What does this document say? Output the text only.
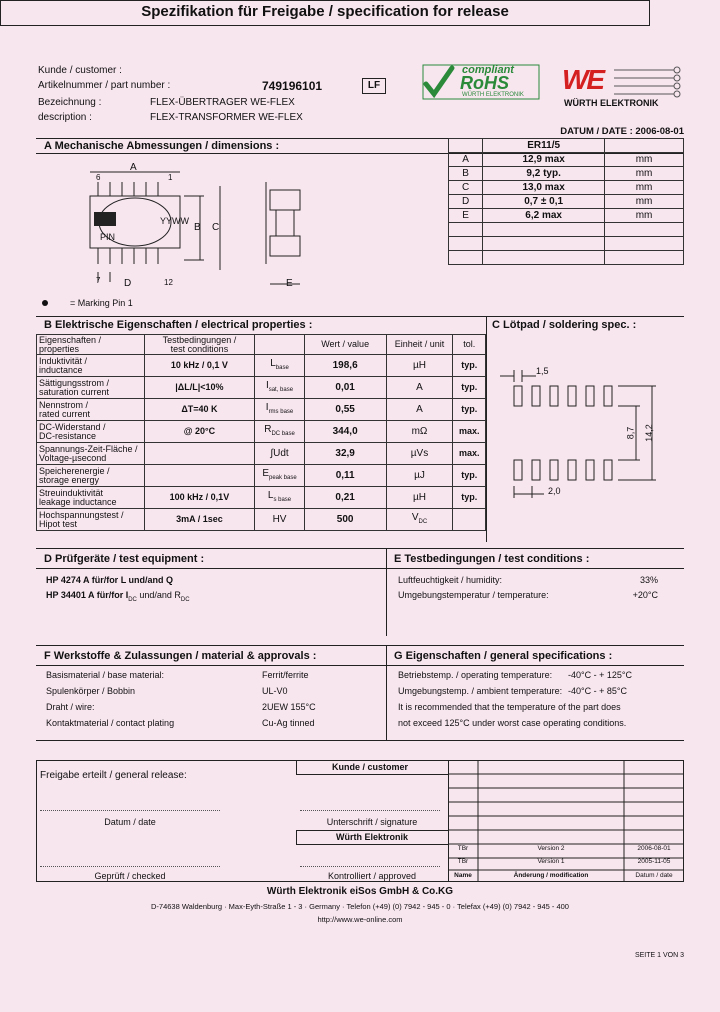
Spezifikation für Freigabe / specification for release
Kunde / customer :
Artikelnummer / part number :	749196101	LF
Bezeichnung :	FLEX-ÜBERTRAGER WE-FLEX
description :	FLEX-TRANSFORMER WE-FLEX
compliant
RoHS
WÜRTH ELEKTRONIK WE
WÜRTH ELEKTRONIK
DATUM / DATE : 2006-08-01
A Mechanische Abmessungen / dimensions :
A
6	1
YYWW
PIN
B C
7 D	12	E
= Marking Pin 1
	ER11/5	
A	12,9 max	mm
B	9,2 typ.	mm
C	13,0 max	mm
D	0,7 ± 0,1	mm
E	6,2 max	mm

B Elektrische Eigenschaften / electrical properties :	C Lötpad / soldering spec. :
Eigenschaften / properties	Testbedingungen /
test conditions		Wert / value	Einheit / unit	tol.

Induktivität /
inductance	10 kHz / 0,1 V	$L_{base}$	198,6	µH	typ.

Sättigungsstrom /
saturation current	|ΔL/L|<10%	$I_{sat, base}$	0,01	A	typ.

Nennstrom /
rated current	ΔT=40 K	$I_{rms base}$	0,55	A	typ.

DC-Widerstand /
DC-resistance	@ 20°C	$R_{DC base}$	344,0	mΩ	max.

Spannungs-Zeit-Fläche /
Voltage-µsecond		∫Udt	32,9	µVs	max.

Speicherenergie /
storage energy		$E_{peak base}$	0,11	µJ	typ.

Streuinduktivität
leakage inductance	100 kHz / 0,1V	$L_{s base}$	0,21	µH	typ.

Hochspannungstest /
Hipot test	3mA / 1sec	HV	500	$V_{DC}$	
1,5
8,7 14,2
2,0
D Prüfgeräte / test equipment :	E Testbedingungen / test conditions :
HP 4274 A für/for L und/and Q
HP 34401 A für/for $I_{DC}$ und/and $R_{DC}$
Luftfeuchtigkeit / humidity:	33%
Umgebungstemperatur / temperature:	+20°C
F Werkstoffe & Zulassungen / material & approvals :	G Eigenschaften / general specifications :
Basismaterial / base material:	Ferrit/ferrite
Spulenkörper / Bobbin	UL-V0
Draht / wire:	2UEW 155°C
Kontaktmaterial / contact plating	Cu-Ag tinned
Betriebstemp. / operating temperature: -40°C - + 125°C
Umgebungstemp. / ambient temperature: -40°C - + 85°C
It is recommended that the temperature of the part does
not exceed 125°C under worst case operating conditions.
Freigabe erteilt / general release:
Kunde / customer
Datum / date	Unterschrift / signature
Würth Elektronik
Geprüft / checked	Kontrolliert / approved
TBr	Version 2	2006-08-01
TBr	Version 1	2005-11-05
Name	Änderung / modification	Datum / date
Würth Elektronik eiSos GmbH & Co.KG
D-74638 Waldenburg · Max-Eyth-Straße 1 - 3 · Germany · Telefon (+49) (0) 7942 - 945 - 0 · Telefax (+49) (0) 7942 - 945 - 400
http://www.we-online.com
SEITE 1 VON 3
